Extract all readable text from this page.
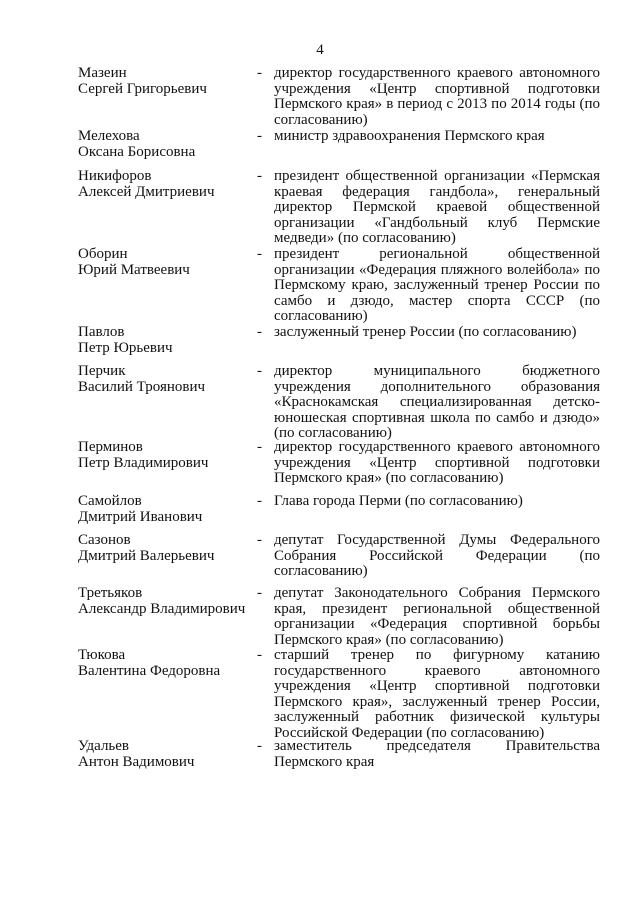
4
Мазеин
Сергей Григорьевич
- директор государственного краевого автономного учреждения «Центр спортивной подготовки Пермского края» в период с 2013 по 2014 годы (по согласованию)
Мелехова
Оксана Борисовна
- министр здравоохранения Пермского края
Никифоров
Алексей Дмитриевич
- президент общественной организации «Пермская краевая федерация гандбола», генеральный директор Пермской краевой общественной организации «Гандбольный клуб Пермские медведи» (по согласованию)
Оборин
Юрий Матвеевич
- президент региональной общественной организации «Федерация пляжного волейбола» по Пермскому краю, заслуженный тренер России по самбо и дзюдо, мастер спорта СССР (по согласованию)
Павлов
Петр Юрьевич
- заслуженный тренер России (по согласованию)
Перчик
Василий Троянович
- директор муниципального бюджетного учреждения дополнительного образования «Краснокамская специализированная детско-юношеская спортивная школа по самбо и дзюдо» (по согласованию)
Перминов
Петр Владимирович
- директор государственного краевого автономного учреждения «Центр спортивной подготовки Пермского края» (по согласованию)
Самойлов
Дмитрий Иванович
- Глава города Перми (по согласованию)
Сазонов
Дмитрий Валерьевич
- депутат Государственной Думы Федерального Собрания Российской Федерации (по согласованию)
Третьяков
Александр Владимирович
- депутат Законодательного Собрания Пермского края, президент региональной общественной организации «Федерация спортивной борьбы Пермского края» (по согласованию)
Тюкова
Валентина Федоровна
- старший тренер по фигурному катанию государственного краевого автономного учреждения «Центр спортивной подготовки Пермского края», заслуженный тренер России, заслуженный работник физической культуры Российской Федерации (по согласованию)
Удальев
Антон Вадимович
- заместитель председателя Правительства Пермского края
